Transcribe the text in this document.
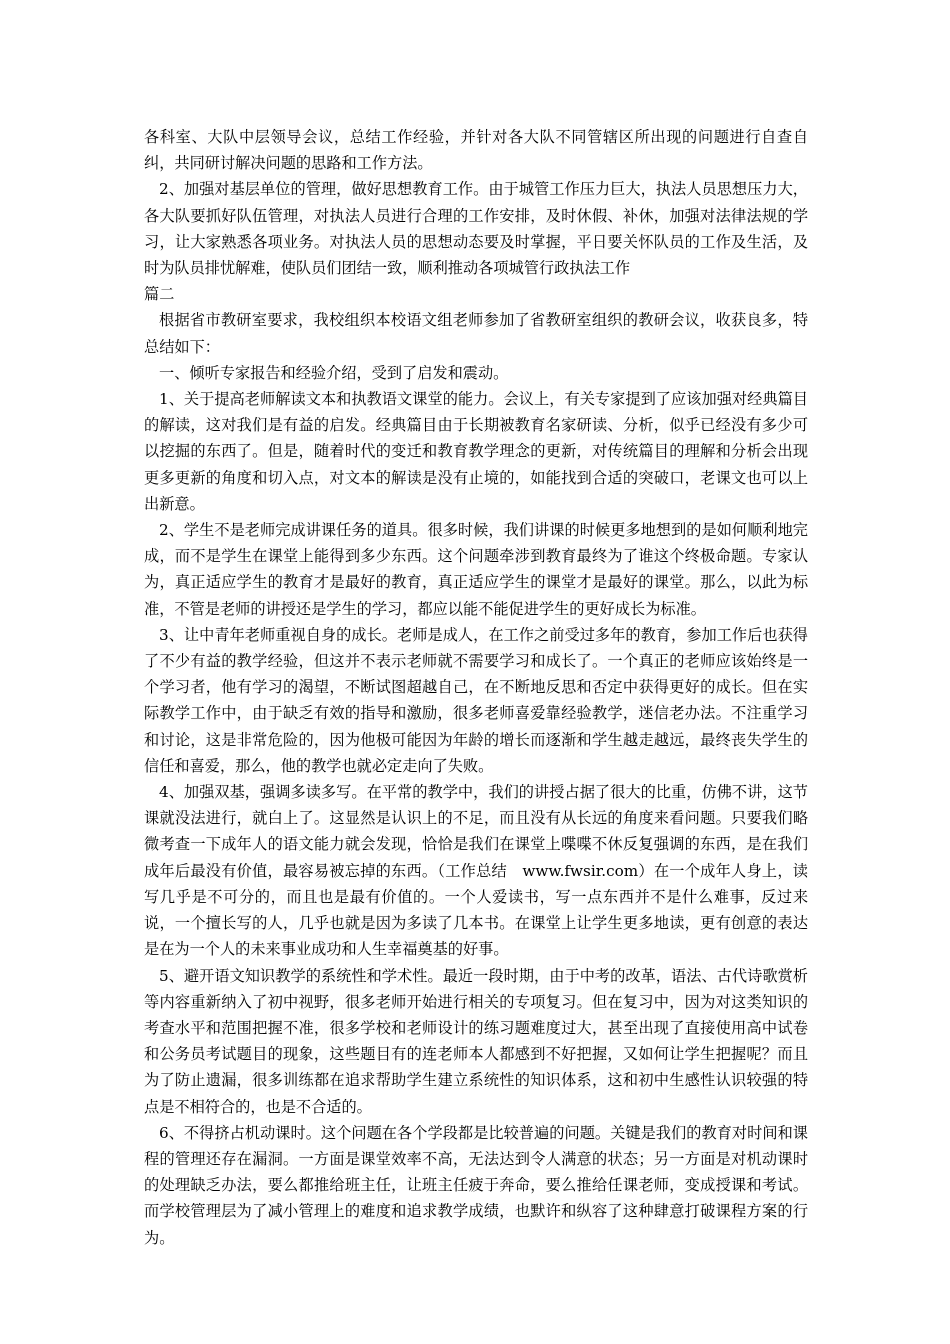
各科室、大队中层领导会议，总结工作经验，并针对各大队不同管辖区所出现的问题进行自查自纠，共同研讨解决问题的思路和工作方法。

2、加强对基层单位的管理，做好思想教育工作。由于城管工作压力巨大，执法人员思想压力大，各大队要抓好队伍管理，对执法人员进行合理的工作安排，及时休假、补休，加强对法律法规的学习，让大家熟悉各项业务。对执法人员的思想动态要及时掌握，平日要关怀队员的工作及生活，及时为队员排忧解难，使队员们团结一致，顺利推动各项城管行政执法工作

篇二

根据省市教研室要求，我校组织本校语文组老师参加了省教研室组织的教研会议，收获良多，特总结如下：

一、倾听专家报告和经验介绍，受到了启发和震动。

1、关于提高老师解读文本和执教语文课堂的能力。会议上，有关专家提到了应该加强对经典篇目的解读，这对我们是有益的启发。经典篇目由于长期被教育名家研读、分析，似乎已经没有多少可以挖掘的东西了。但是，随着时代的变迁和教育教学理念的更新，对传统篇目的理解和分析会出现更多更新的角度和切入点，对文本的解读是没有止境的，如能找到合适的突破口，老课文也可以上出新意。

2、学生不是老师完成讲课任务的道具。很多时候，我们讲课的时候更多地想到的是如何顺利地完成，而不是学生在课堂上能得到多少东西。这个问题牵涉到教育最终为了谁这个终极命题。专家认为，真正适应学生的教育才是最好的教育，真正适应学生的课堂才是最好的课堂。那么，以此为标准，不管是老师的讲授还是学生的学习，都应以能不能促进学生的更好成长为标准。

3、让中青年老师重视自身的成长。老师是成人，在工作之前受过多年的教育，参加工作后也获得了不少有益的教学经验，但这并不表示老师就不需要学习和成长了。一个真正的老师应该始终是一个学习者，他有学习的渴望，不断试图超越自己，在不断地反思和否定中获得更好的成长。但在实际教学工作中，由于缺乏有效的指导和激励，很多老师喜爱靠经验教学，迷信老办法。不注重学习和讨论，这是非常危险的，因为他极可能因为年龄的增长而逐渐和学生越走越远，最终丧失学生的信任和喜爱，那么，他的教学也就必定走向了失败。

4、加强双基，强调多读多写。在平常的教学中，我们的讲授占据了很大的比重，仿佛不讲，这节课就没法进行，就白上了。这显然是认识上的不足，而且没有从长远的角度来看问题。只要我们略微考查一下成年人的语文能力就会发现，恰恰是我们在课堂上喋喋不休反复强调的东西，是在我们成年后最没有价值，最容易被忘掉的东西。（工作总结　www.fwsir.com）在一个成年人身上，读写几乎是不可分的，而且也是最有价值的。一个人爱读书，写一点东西并不是什么难事，反过来说，一个擅长写的人，几乎也就是因为多读了几本书。在课堂上让学生更多地读，更有创意的表达是在为一个人的未来事业成功和人生幸福奠基的好事。

5、避开语文知识教学的系统性和学术性。最近一段时期，由于中考的改革，语法、古代诗歌赏析等内容重新纳入了初中视野，很多老师开始进行相关的专项复习。但在复习中，因为对这类知识的考查水平和范围把握不准，很多学校和老师设计的练习题难度过大，甚至出现了直接使用高中试卷和公务员考试题目的现象，这些题目有的连老师本人都感到不好把握，又如何让学生把握呢？而且为了防止遗漏，很多训练都在追求帮助学生建立系统性的知识体系，这和初中生感性认识较强的特点是不相符合的，也是不合适的。

6、不得挤占机动课时。这个问题在各个学段都是比较普遍的问题。关键是我们的教育对时间和课程的管理还存在漏洞。一方面是课堂效率不高，无法达到令人满意的状态；另一方面是对机动课时的处理缺乏办法，要么都推给班主任，让班主任疲于奔命，要么推给任课老师，变成授课和考试。而学校管理层为了减小管理上的难度和追求教学成绩，也默许和纵容了这种肆意打破课程方案的行为。
